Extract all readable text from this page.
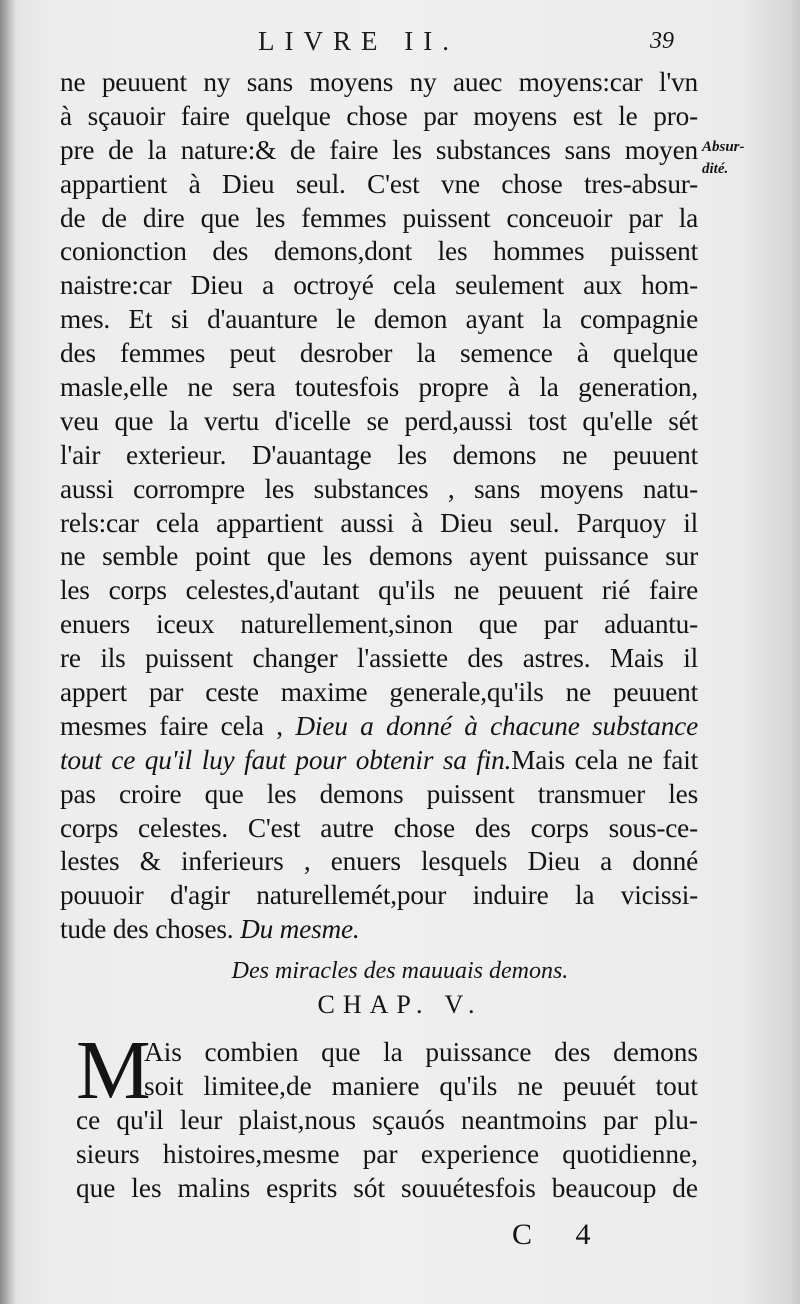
LIVRE II.	39
Absur-
dité.
ne peuuent ny sans moyens ny auec moyens:car l'vn
à sçauoir faire quelque chose par moyens est le pro-
pre de la nature:& de faire les substances sans moyen
appartient à Dieu seul. C'est vne chose tres-absur-
de de dire que les femmes puissent conceuoir par la
conionction des demons,dont les hommes puissent
naistre:car Dieu a octroyé cela seulement aux hom-
mes. Et si d'auanture le demon ayant la compagnie
des femmes peut desrober la semence à quelque
masle,elle ne sera toutesfois propre à la generation,
veu que la vertu d'icelle se perd,aussi tost qu'elle sét
l'air exterieur. D'auantage les demons ne peuuent
aussi corrompre les substances , sans moyens natu-
rels:car cela appartient aussi à Dieu seul. Parquoy il
ne semble point que les demons ayent puissance sur
les corps celestes,d'autant qu'ils ne peuuent rié faire
enuers iceux naturellement,sinon que par aduantu-
re ils puissent changer l'assiette des astres. Mais il
appert par ceste maxime generale,qu'ils ne peuuent
mesmes faire cela , Dieu a donné à chacune substance
tout ce qu'il luy faut pour obtenir sa fin.Mais cela ne fait
pas croire que les demons puissent transmuer les
corps celestes. C'est autre chose des corps sous-ce-
lestes & inferieurs , enuers lesquels Dieu a donné
pouuoir d'agir naturellemét,pour induire la vicissi-
tude des choses. Du mesme.
Des miracles des mauuais demons.
CHAP. V.
M
Ais combien que la puissance des demons
soit limitee,de maniere qu'ils ne peuuét tout
ce qu'il leur plaist,nous sçauós neantmoins par plu-
sieurs histoires,mesme par experience quotidienne,
que les malins esprits sót souuétesfois beaucoup de
C 4
